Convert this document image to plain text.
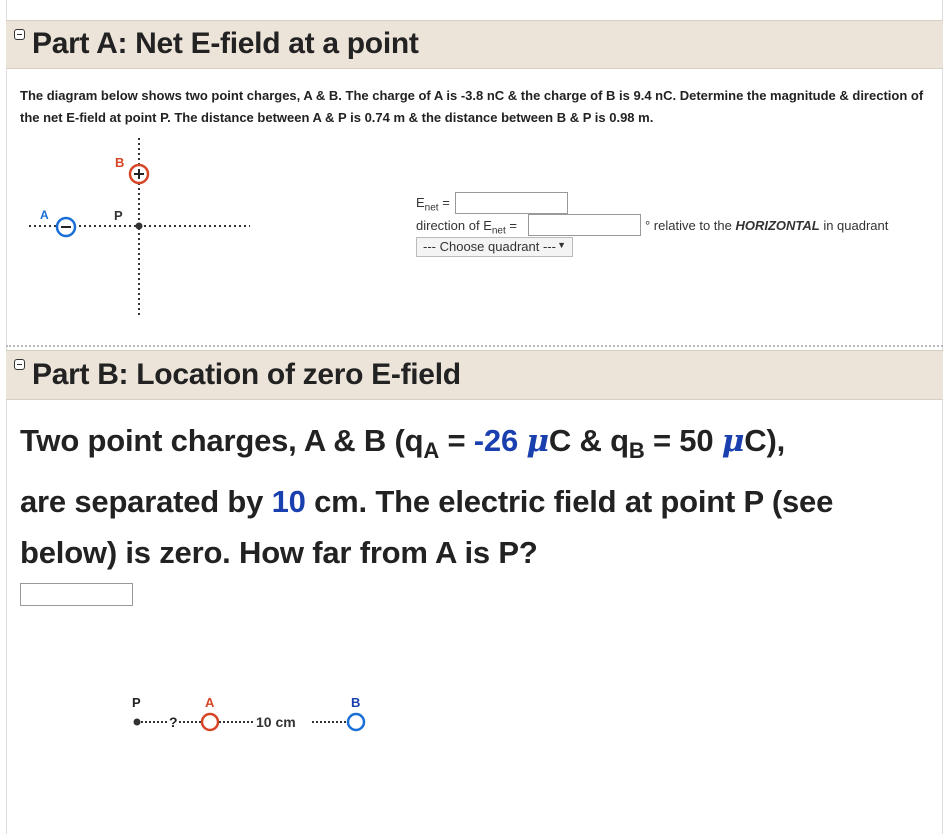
Part A: Net E-field at a point
The diagram below shows two point charges, A & B. The charge of A is -3.8 nC & the charge of B is 9.4 nC. Determine the magnitude & direction of the net E-field at point P. The distance between A & P is 0.74 m & the distance between B & P is 0.98 m.
A	P
B
$E_{net}$ =
direction of $E_{net}$ =	° relative to the HORIZONTAL in quadrant
--- Choose quadrant --- ▼
Part B: Location of zero E-field
Two point charges, A & B ($q_A = -26$ μC & $q_B = 50$ μC),
are separated by 10 cm. The electric field at point P (see below) is zero. How far from A is P?
P
?
A
10 cm
B
